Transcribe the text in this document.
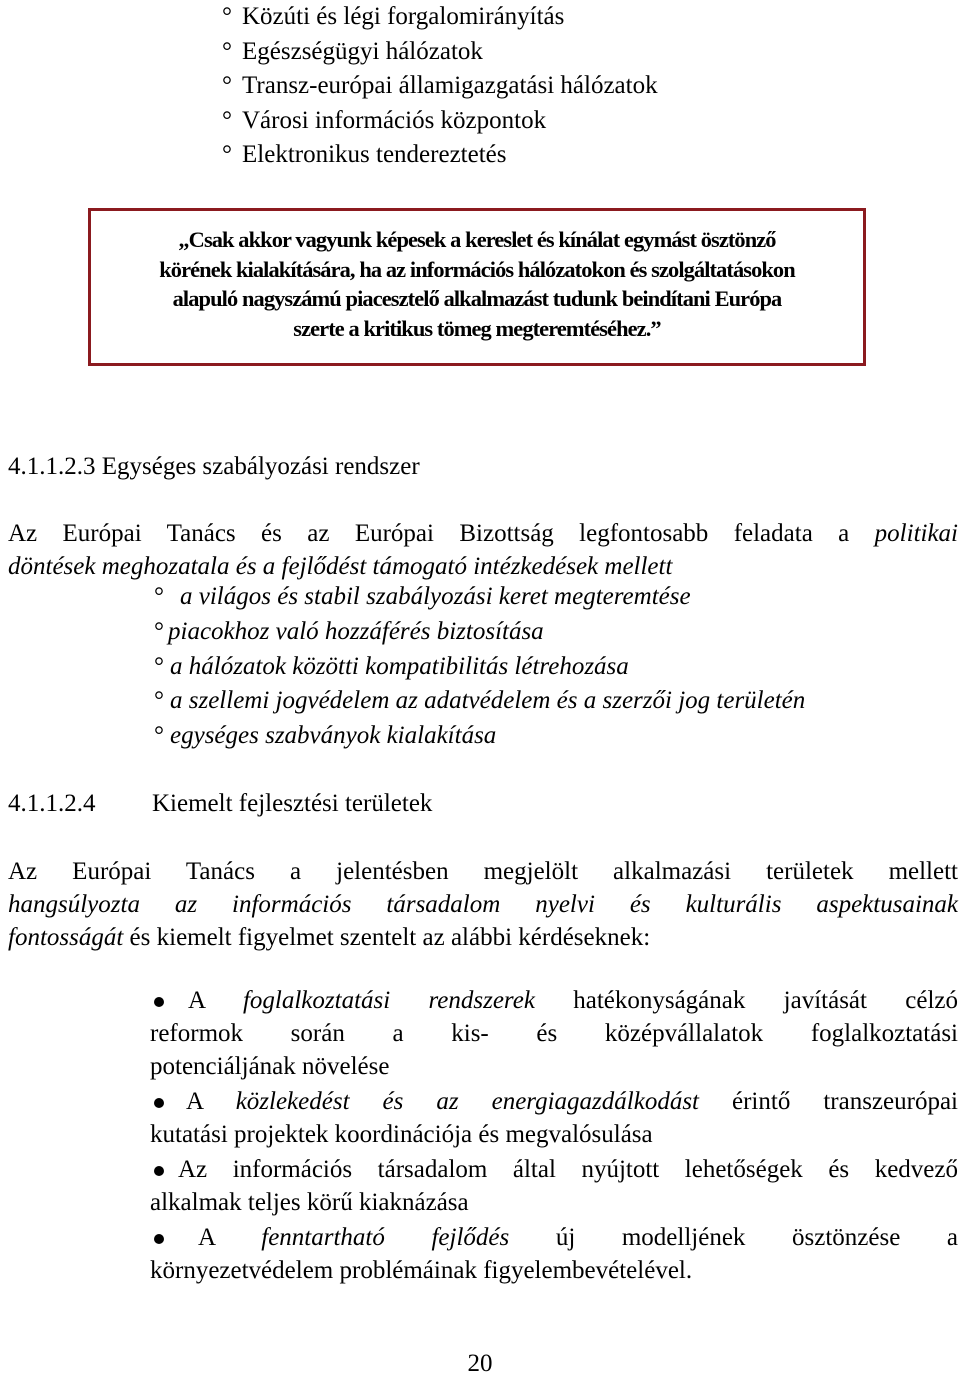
° Közúti és légi forgalomirányítás
° Egészségügyi hálózatok
° Transz-európai államigazgatási hálózatok
° Városi információs központok
° Elektronikus tendereztetés

„Csak akkor vagyunk képesek a kereslet és kínálat egymást ösztönző
körének kialakítására, ha az információs hálózatokon és szolgáltatásokon
alapuló nagyszámú piacesztelő alkalmazást tudunk beindítani Európa
szerte a kritikus tömeg megteremtéséhez.”

4.1.1.2.3 Egységes szabályozási rendszer

Az Európai Tanács és az Európai Bizottság legfontosabb feladata a politikai
döntések meghozatala és a fejlődést támogató intézkedések mellett

° a világos és stabil szabályozási keret megteremtése
° piacokhoz való hozzáférés biztosítása
° a hálózatok közötti kompatibilitás létrehozása
° a szellemi jogvédelem az adatvédelem és a szerzői jog területén
° egységes szabványok kialakítása
4.1.1.2.4 Kiemelt fejlesztési területek

Az Európai Tanács a jelentésben megjelölt alkalmazási területek mellett
hangsúlyozta az információs társadalom nyelvi és kulturális aspektusainak
fontosságát és kiemelt figyelmet szentelt az alábbi kérdéseknek:

A foglalkoztatási rendszerek hatékonyságának javítását célzó
reformok során a kis- és középvállalatok foglalkoztatási
potenciáljának növelése
A közlekedést és az energiagazdálkodást érintő transzeurópai
kutatási projektek koordinációja és megvalósulása
Az információs társadalom által nyújtott lehetőségek és kedvező
alkalmak teljes körű kiaknázása
A fenntartható fejlődés új modelljének ösztönzése a
környezetvédelem problémáinak figyelembevételével.
20
